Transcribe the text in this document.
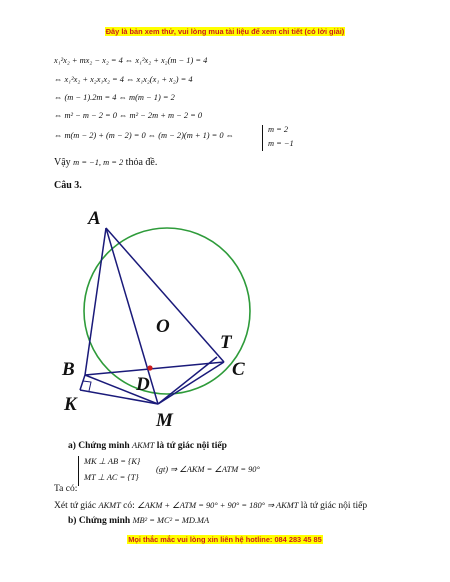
Đây là bản xem thử, vui lòng mua tài liệu để xem chi tiết (có lời giải)
x₁²x₂ + mx₂ − x₂ = 4 ⇔ x₁²x₂ + x₂(m − 1) = 4
⇔ x₁²x₂ + x₂x₁x₂ = 4 ⇔ x₁x₂(x₁ + x₂) = 4
⇔ (m − 1).2m = 4 ⇔ m(m − 1) = 2
⇔ m² − m − 2 = 0 ⇔ m² − 2m + m − 2 = 0
⇔ m(m − 2) + (m − 2) = 0 ⇔ (m − 2)(m + 1) = 0 ⇔
m = 2
m = −1
Vậy m = −1, m = 2 thỏa đề.
Câu 3.
A
O
T
B	C
D
K
M
a) Chứng minh AKMT là tứ giác nội tiếp
MK ⊥ AB = {K}
MT ⊥ AC = {T}
(gt) ⇒ ∠AKM = ∠ATM = 90°
Ta có:
Xét tứ giác AKMT có: ∠AKM + ∠ATM = 90° + 90° = 180° ⇒ AKMT là tứ giác nội tiếp
b) Chứng minh MB² = MC² = MD.MA
Mọi thắc mắc vui lòng xin liên hệ hotline: 084 283 45 85
